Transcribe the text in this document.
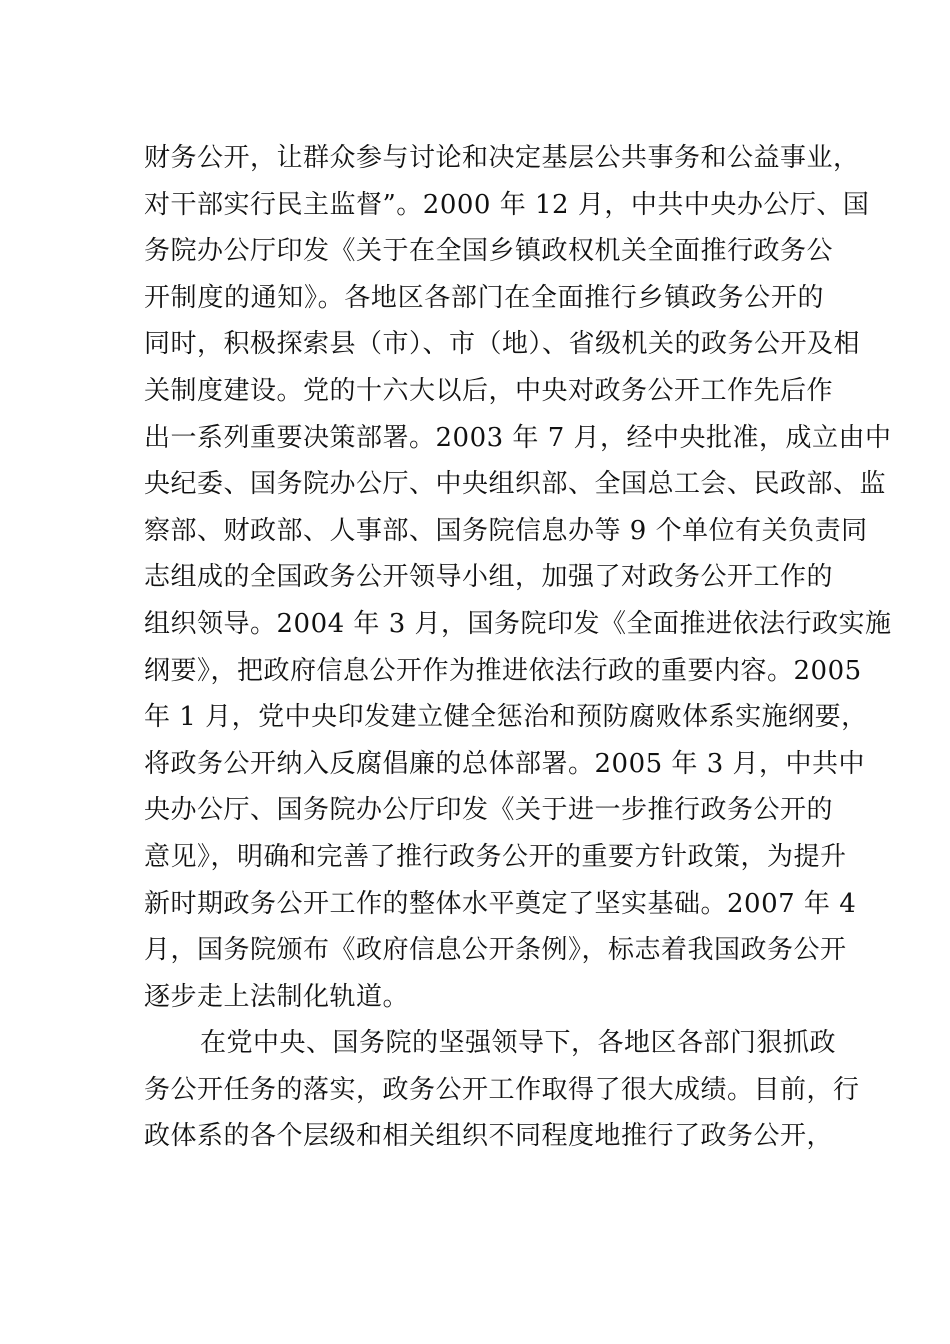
财务公开，让群众参与讨论和决定基层公共事务和公益事业，
对干部实行民主监督”。2000 年 12 月，中共中央办公厅、国
务院办公厅印发《关于在全国乡镇政权机关全面推行政务公
开制度的通知》。各地区各部门在全面推行乡镇政务公开的
同时，积极探索县（市）、市（地）、省级机关的政务公开及相
关制度建设。党的十六大以后，中央对政务公开工作先后作
出一系列重要决策部署。2003 年 7 月，经中央批准，成立由中
央纪委、国务院办公厅、中央组织部、全国总工会、民政部、监
察部、财政部、人事部、国务院信息办等 9 个单位有关负责同
志组成的全国政务公开领导小组，加强了对政务公开工作的
组织领导。2004 年 3 月，国务院印发《全面推进依法行政实施
纲要》，把政府信息公开作为推进依法行政的重要内容。2005
年 1 月，党中央印发建立健全惩治和预防腐败体系实施纲要，
将政务公开纳入反腐倡廉的总体部署。2005 年 3 月，中共中
央办公厅、国务院办公厅印发《关于进一步推行政务公开的
意见》，明确和完善了推行政务公开的重要方针政策，为提升
新时期政务公开工作的整体水平奠定了坚实基础。2007 年 4
月，国务院颁布《政府信息公开条例》，标志着我国政务公开
逐步走上法制化轨道。
在党中央、国务院的坚强领导下，各地区各部门狠抓政
务公开任务的落实，政务公开工作取得了很大成绩。目前，行
政体系的各个层级和相关组织不同程度地推行了政务公开，
